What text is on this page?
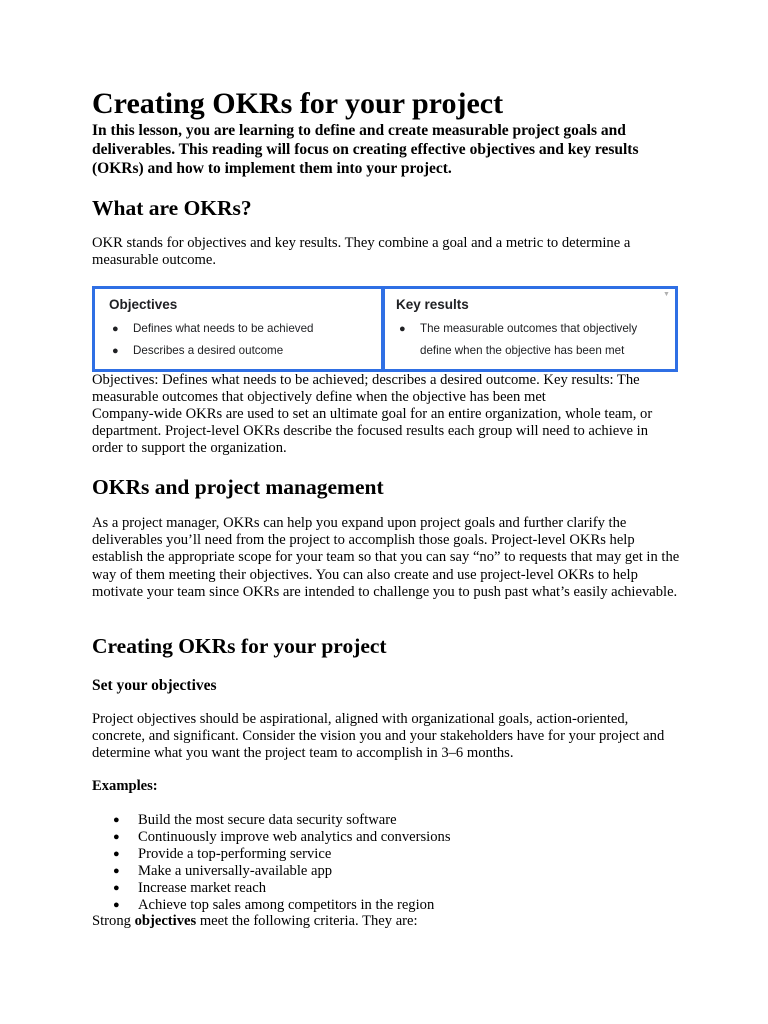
Creating OKRs for your project

In this lesson, you are learning to define and create measurable project goals and deliverables. This reading will focus on creating effective objectives and key results (OKRs) and how to implement them into your project.

What are OKRs?

OKR stands for objectives and key results. They combine a goal and a metric to determine a measurable outcome.

Objectives
● Defines what needs to be achieved
● Describes a desired outcome
▼
Key results
● The measurable outcomes that objectively define when the objective has been met

Objectives: Defines what needs to be achieved; describes a desired outcome. Key results: The measurable outcomes that objectively define when the objective has been met

Company-wide OKRs are used to set an ultimate goal for an entire organization, whole team, or department. Project-level OKRs describe the focused results each group will need to achieve in order to support the organization.

OKRs and project management

As a project manager, OKRs can help you expand upon project goals and further clarify the deliverables you’ll need from the project to accomplish those goals. Project-level OKRs help establish the appropriate scope for your team so that you can say “no” to requests that may get in the way of them meeting their objectives. You can also create and use project-level OKRs to help motivate your team since OKRs are intended to challenge you to push past what’s easily achievable.

Creating OKRs for your project
Set your objectives

Project objectives should be aspirational, aligned with organizational goals, action-oriented, concrete, and significant. Consider the vision you and your stakeholders have for your project and determine what you want the project team to accomplish in 3–6 months.

Examples:

● Build the most secure data security software
● Continuously improve web analytics and conversions
● Provide a top-performing service
● Make a universally-available app
● Increase market reach
● Achieve top sales among competitors in the region

Strong objectives meet the following criteria. They are:
